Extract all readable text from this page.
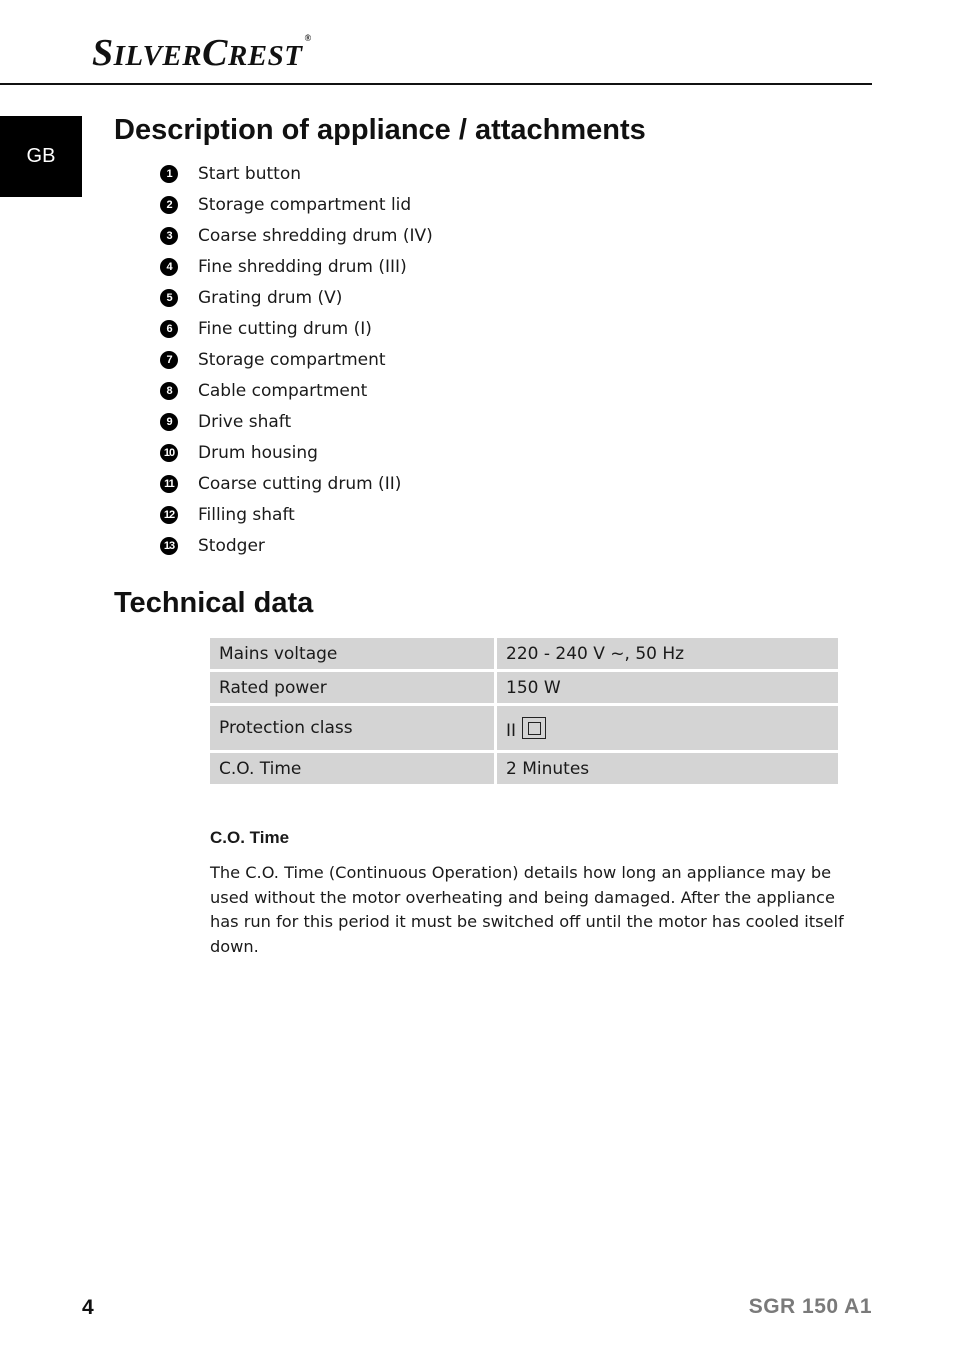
SILVERCREST®
GB
Description of appliance / attachments
1	Start button
2	Storage compartment lid
3	Coarse shredding drum (IV)
4	Fine shredding drum (III)
5	Grating drum (V)
6	Fine cutting drum (I)
7	Storage compartment
8	Cable compartment
9	Drive shaft
10 Drum housing
11 Coarse cutting drum (II)
12 Filling shaft
13 Stodger
Technical data
Mains voltage	220 - 240 V ~, 50 Hz
Rated power	150 W
Protection class	II
C.O. Time	2 Minutes
C.O. Time

The C.O. Time (Continuous Operation) details how long an appliance may be used without the motor overheating and being damaged. After the appliance has run for this period it must be switched off until the motor has cooled itself down.

4	SGR 150 A1
